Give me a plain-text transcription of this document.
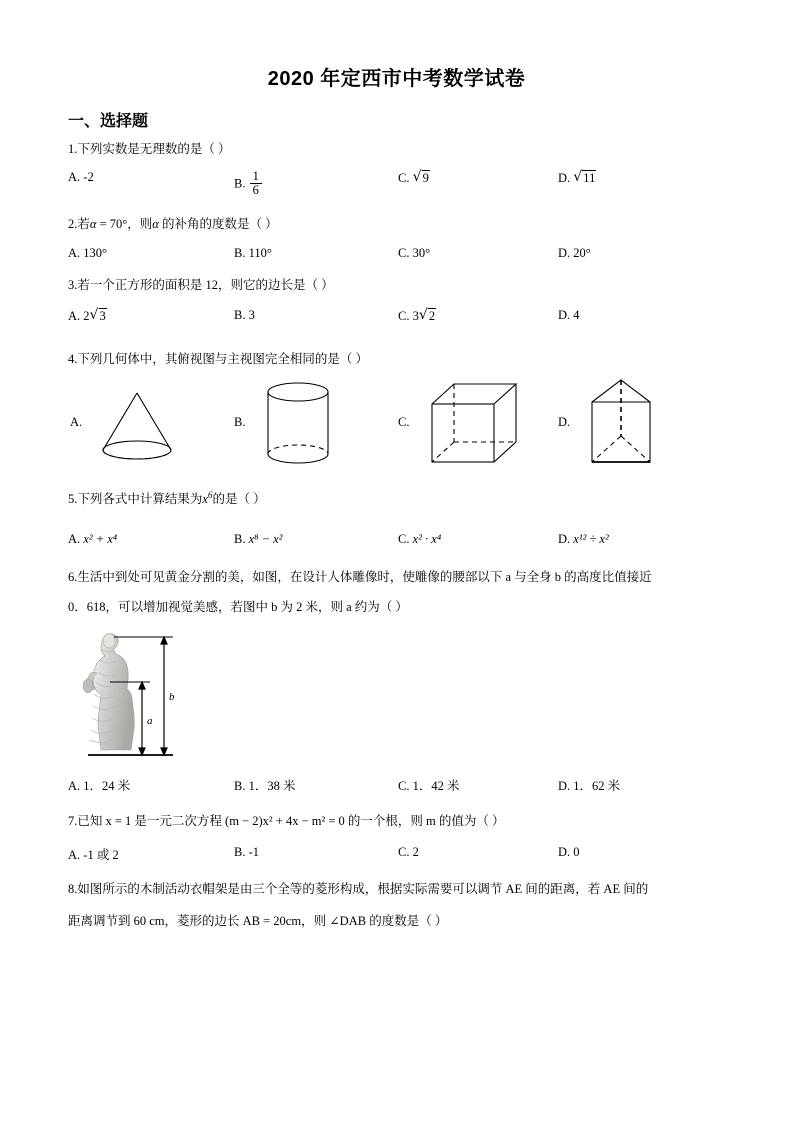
2020 年定西市中考数学试卷
一、选择题
1.下列实数是无理数的是（ ）
A. -2	B. $\frac{1}{6}$	C. √ 9	D. √ 11
2.若α = 70°，则α 的补角的度数是（ ）
A. 130°	B. 110°	C. 30°	D. 20°
3.若一个正方形的面积是 12，则它的边长是（ ）
A. 2 √ 3	B. 3	C. 3 √ 2	D. 4
4.下列几何体中，其俯视图与主视图完全相同的是（ ）
A.	B.	C.	D.
5.下列各式中计算结果为$x^6$的是（ ）
A. x² + x⁴	B. x⁸ − x²	C. x² · x⁴	D. x¹² ÷ x²
6.生活中到处可见黄金分割的美，如图，在设计人体雕像时，使雕像的腰部以下 a 与全身 b 的高度比值接近
0．618，可以增加视觉美感，若图中 b 为 2 米，则 a 约为（ ）
b
a
A. 1．24 米	B. 1．38 米	C. 1．42 米	D. 1．62 米
7.已知 x = 1 是一元二次方程 (m − 2)x² + 4x − m² = 0 的一个根，则 m 的值为（ ）
A. -1 或 2	B. -1	C. 2	D. 0
8.如图所示的木制活动衣帽架是由三个全等的菱形构成，根据实际需要可以调节 AE 间的距离，若 AE 间的
距离调节到 60 cm，菱形的边长 AB = 20cm，则 ∠DAB 的度数是（ ）
